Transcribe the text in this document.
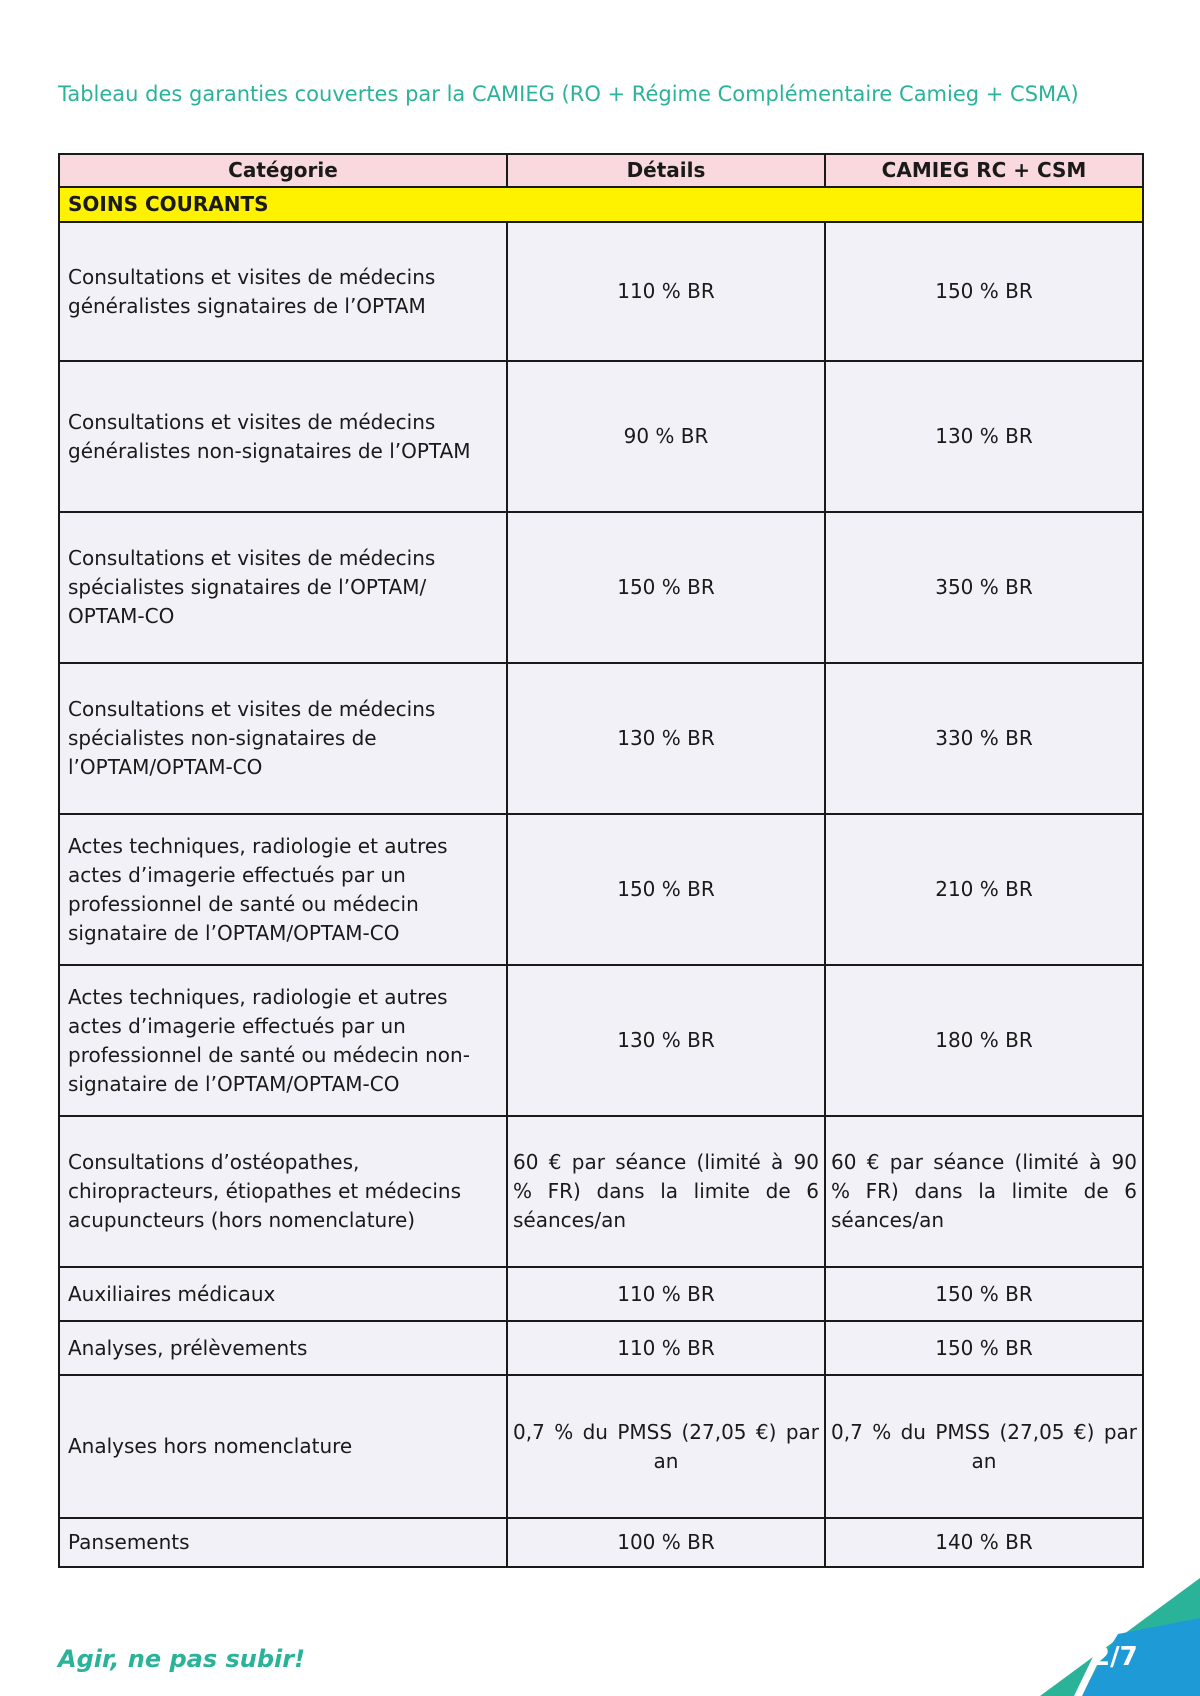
Tableau des garanties couvertes par la CAMIEG (RO + Régime Complémentaire Camieg + CSMA)
Catégorie	Détails	CAMIEG RC + CSM
SOINS COURANTS		
Consultations et visites de médecins généralistes signataires de l’OPTAM	110 % BR	150 % BR
Consultations et visites de médecins généralistes non-signataires de l’OPTAM	90 % BR	130 % BR
Consultations et visites de médecins spécialistes signataires de l’OPTAM/ OPTAM-CO	150 % BR	350 % BR
Consultations et visites de médecins spécialistes non-signataires de l’OPTAM/OPTAM-CO	130 % BR	330 % BR
Actes techniques, radiologie et autres actes d’imagerie effectués par un professionnel de santé ou médecin signataire de l’OPTAM/OPTAM-CO	150 % BR	210 % BR
Actes techniques, radiologie et autres actes d’imagerie effectués par un professionnel de santé ou médecin non-signataire de l’OPTAM/OPTAM-CO	130 % BR	180 % BR
Consultations d’ostéopathes, chiropracteurs, étiopathes et médecins acupuncteurs (hors nomenclature)	60 € par séance (limité à 90 % FR) dans la limite de 6 séances/an	60 € par séance (limité à 90 % FR) dans la limite de 6 séances/an
Auxiliaires médicaux	110 % BR	150 % BR
Analyses, prélèvements	110 % BR	150 % BR
Analyses hors nomenclature	0,7 % du PMSS (27,05 €) par an	0,7 % du PMSS (27,05 €) par an
Pansements	100 % BR	140 % BR

Agir, ne pas subir!	2/7
